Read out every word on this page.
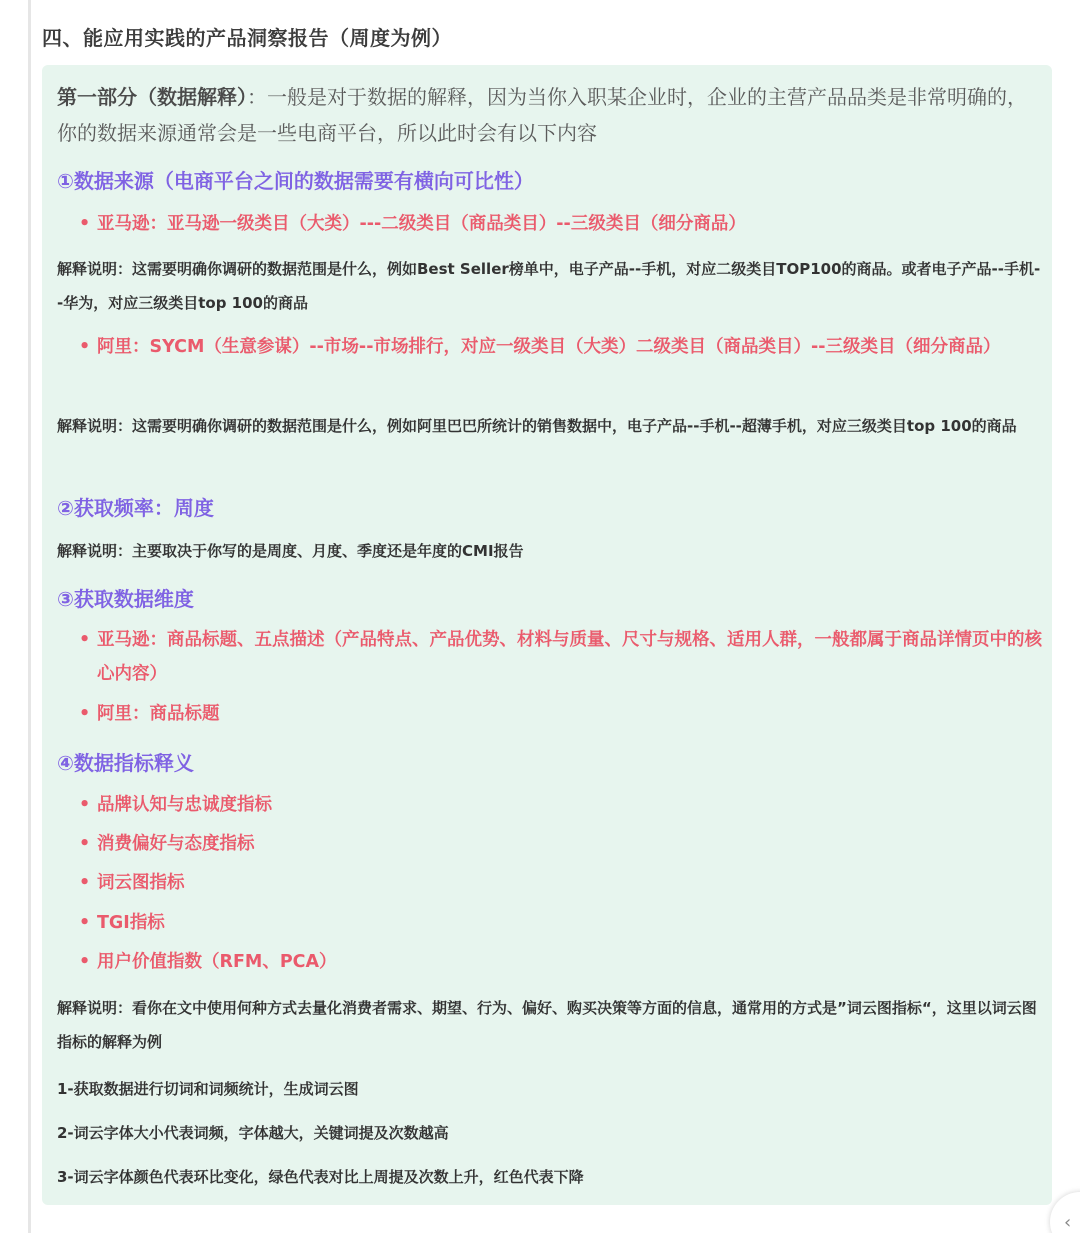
四、能应用实践的产品洞察报告（周度为例）
第一部分（数据解释）：一般是对于数据的解释，因为当你入职某企业时，企业的主营产品品类是非常明确的，你的数据来源通常会是一些电商平台，所以此时会有以下内容
①数据来源（电商平台之间的数据需要有横向可比性）
• 亚马逊：亚马逊一级类目（大类）---二级类目（商品类目）--三级类目（细分商品）
解释说明：这需要明确你调研的数据范围是什么，例如Best Seller榜单中，电子产品--手机，对应二级类目TOP100的商品。或者电子产品--手机--华为，对应三级类目top 100的商品
• 阿里：SYCM（生意参谋）--市场--市场排行，对应一级类目（大类）二级类目（商品类目）--三级类目（细分商品）
解释说明：这需要明确你调研的数据范围是什么，例如阿里巴巴所统计的销售数据中，电子产品--手机--超薄手机，对应三级类目top 100的商品
②获取频率：周度
解释说明：主要取决于你写的是周度、月度、季度还是年度的CMI报告
③获取数据维度
• 亚马逊：商品标题、五点描述（产品特点、产品优势、材料与质量、尺寸与规格、适用人群，一般都属于商品详情页中的核心内容）
• 阿里：商品标题
④数据指标释义
• 品牌认知与忠诚度指标
• 消费偏好与态度指标
• 词云图指标
• TGI指标
• 用户价值指数（RFM、PCA）
解释说明：看你在文中使用何种方式去量化消费者需求、期望、行为、偏好、购买决策等方面的信息，通常用的方式是”词云图指标“，这里以词云图指标的解释为例
1-获取数据进行切词和词频统计，生成词云图
2-词云字体大小代表词频，字体越大，关键词提及次数越高
3-词云字体颜色代表环比变化，绿色代表对比上周提及次数上升，红色代表下降
‹
